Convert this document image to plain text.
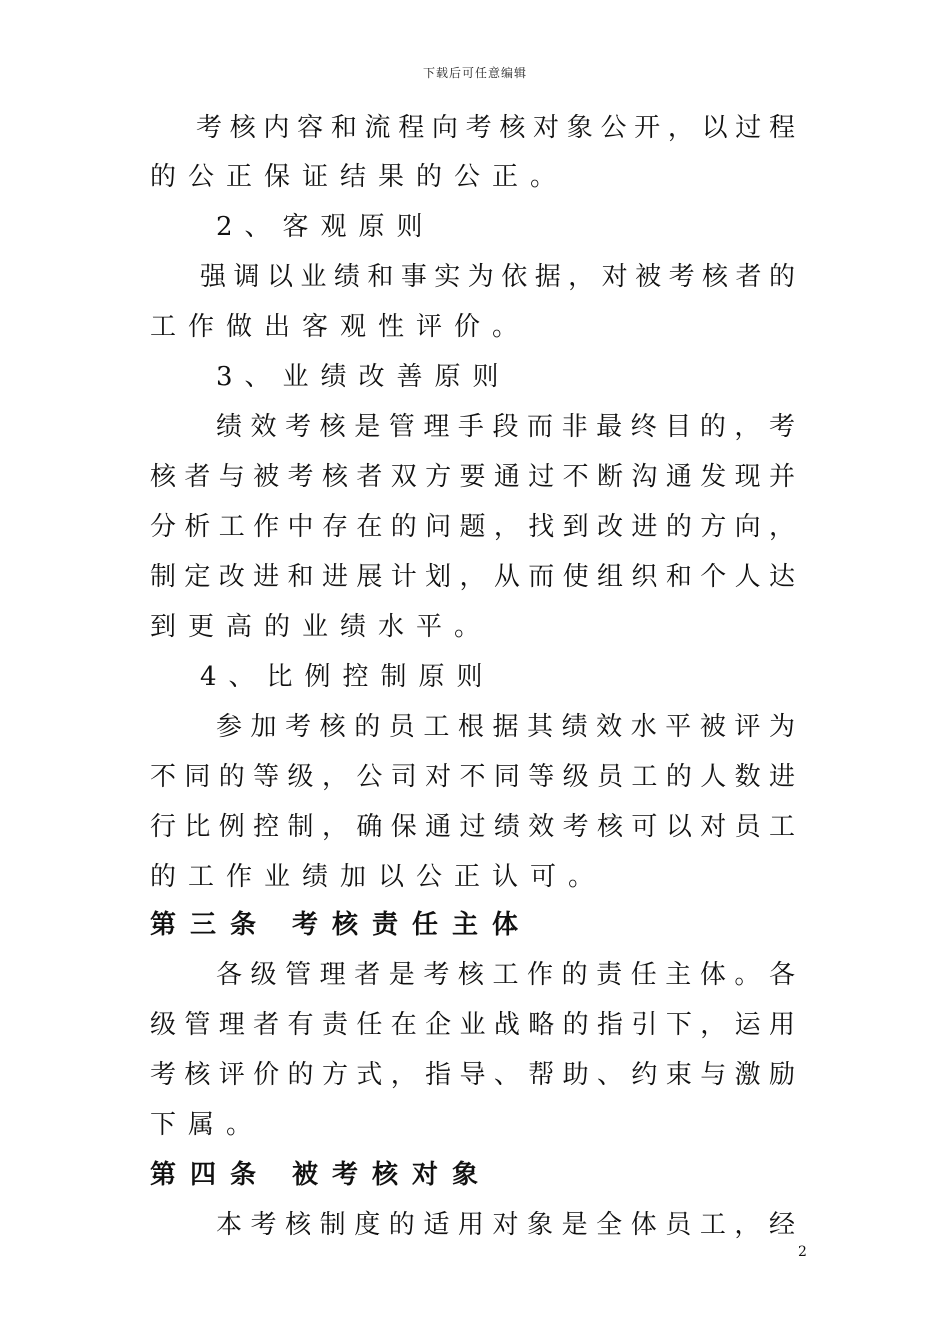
下载后可任意编辑
考核内容和流程向考核对象公开，以过程
的公正保证结果的公正。
2、客观原则
强调以业绩和事实为依据，对被考核者的
工作做出客观性评价。
3、业绩改善原则
绩效考核是管理手段而非最终目的，考
核者与被考核者双方要通过不断沟通发现并
分析工作中存在的问题，找到改进的方向，
制定改进和进展计划，从而使组织和个人达
到更高的业绩水平。
4、比例控制原则
参加考核的员工根据其绩效水平被评为
不同的等级，公司对不同等级员工的人数进
行比例控制，确保通过绩效考核可以对员工
的工作业绩加以公正认可。
第三条 考核责任主体
各级管理者是考核工作的责任主体。各
级管理者有责任在企业战略的指引下，运用
考核评价的方式，指导、帮助、约束与激励
下属。
第四条 被考核对象
本考核制度的适用对象是全体员工，经
2
